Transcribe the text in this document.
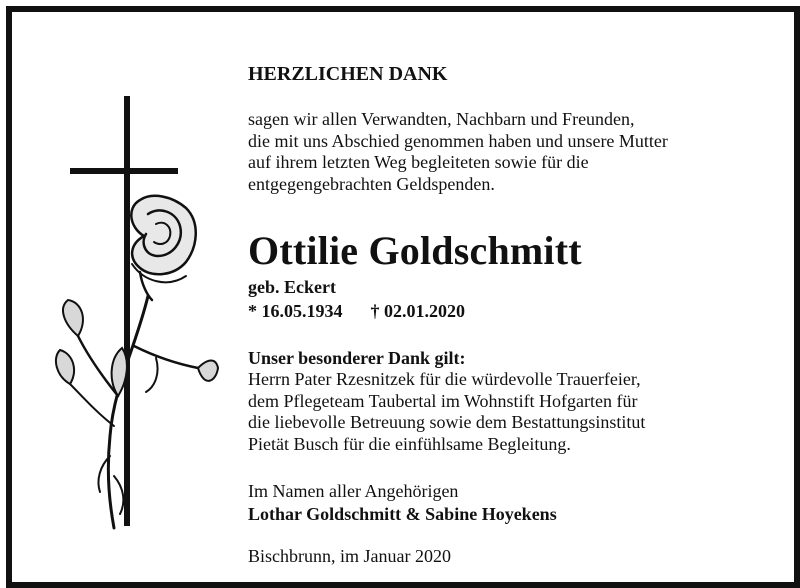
HERZLICHEN DANK

sagen wir allen Verwandten, Nachbarn und Freunden,
die mit uns Abschied genommen haben und unsere Mutter
auf ihrem letzten Weg begleiteten sowie für die
entgegengebrachten Geldspenden.

Ottilie Goldschmitt
geb. Eckert
* 16.05.1934 † 02.01.2020
Unser besonderer Dank gilt:

Herrn Pater Rzesnitzek für die würdevolle Trauerfeier,
dem Pflegeteam Taubertal im Wohnstift Hofgarten für
die liebevolle Betreuung sowie dem Bestattungsinstitut
Pietät Busch für die einfühlsame Begleitung.

Im Namen aller Angehörigen
Lothar Goldschmitt & Sabine Hoyekens
Bischbrunn, im Januar 2020
